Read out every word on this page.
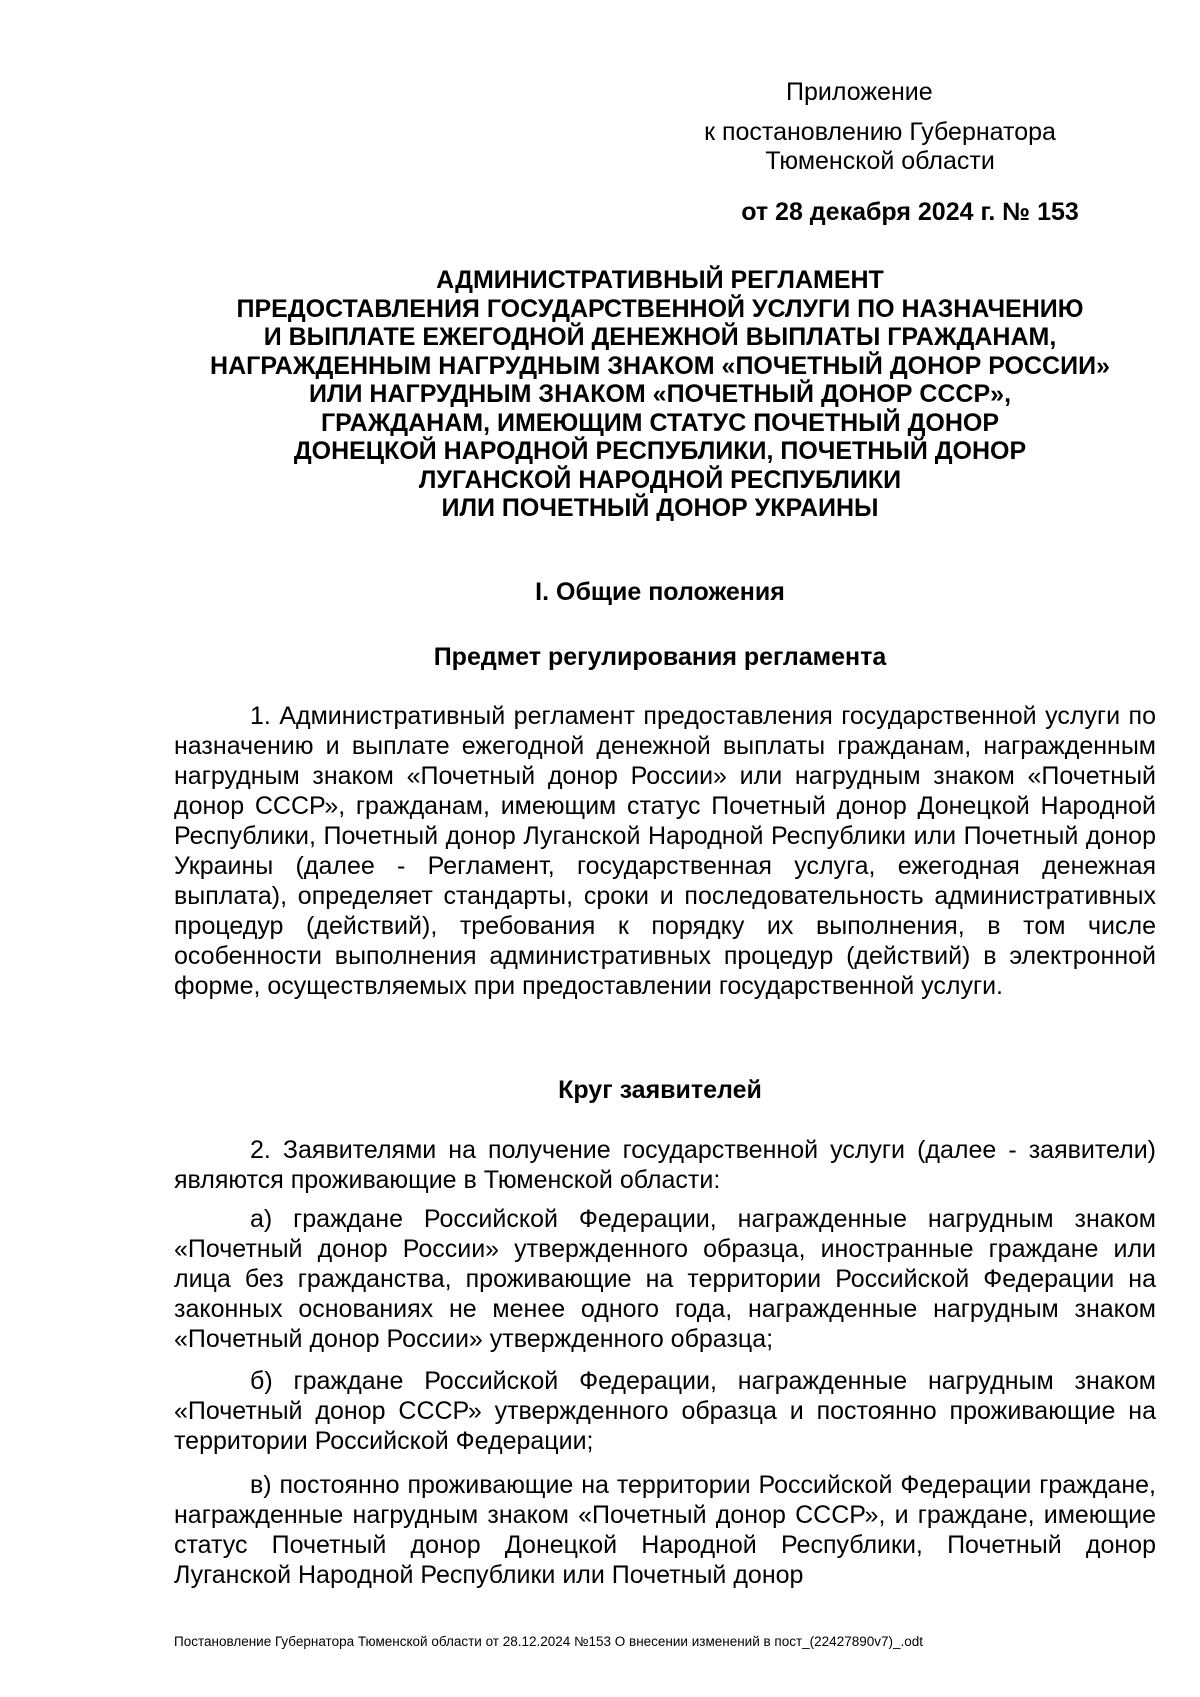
Приложение
к постановлению Губернатора Тюменской области
от 28 декабря 2024 г. № 153
АДМИНИСТРАТИВНЫЙ РЕГЛАМЕНТ
ПРЕДОСТАВЛЕНИЯ ГОСУДАРСТВЕННОЙ УСЛУГИ ПО НАЗНАЧЕНИЮ
И ВЫПЛАТЕ ЕЖЕГОДНОЙ ДЕНЕЖНОЙ ВЫПЛАТЫ ГРАЖДАНАМ,
НАГРАЖДЕННЫМ НАГРУДНЫМ ЗНАКОМ «ПОЧЕТНЫЙ ДОНОР РОССИИ»
ИЛИ НАГРУДНЫМ ЗНАКОМ «ПОЧЕТНЫЙ ДОНОР СССР»,
ГРАЖДАНАМ, ИМЕЮЩИМ СТАТУС ПОЧЕТНЫЙ ДОНОР
ДОНЕЦКОЙ НАРОДНОЙ РЕСПУБЛИКИ, ПОЧЕТНЫЙ ДОНОР
ЛУГАНСКОЙ НАРОДНОЙ РЕСПУБЛИКИ
ИЛИ ПОЧЕТНЫЙ ДОНОР УКРАИНЫ
I. Общие положения
Предмет регулирования регламента
1. Административный регламент предоставления государственной услуги по назначению и выплате ежегодной денежной выплаты гражданам, награжденным нагрудным знаком «Почетный донор России» или нагрудным знаком «Почетный донор СССР», гражданам, имеющим статус Почетный донор Донецкой Народной Республики, Почетный донор Луганской Народной Республики или Почетный донор Украины (далее - Регламент, государственная услуга, ежегодная денежная выплата), определяет стандарты, сроки и последовательность административных процедур (действий), требования к порядку их выполнения, в том числе особенности выполнения административных процедур (действий) в электронной форме, осуществляемых при предоставлении государственной услуги.
Круг заявителей
2. Заявителями на получение государственной услуги (далее - заявители) являются проживающие в Тюменской области:
а) граждане Российской Федерации, награжденные нагрудным знаком «Почетный донор России» утвержденного образца, иностранные граждане или лица без гражданства, проживающие на территории Российской Федерации на законных основаниях не менее одного года, награжденные нагрудным знаком «Почетный донор России» утвержденного образца;
б) граждане Российской Федерации, награжденные нагрудным знаком «Почетный донор СССР» утвержденного образца и постоянно проживающие на территории Российской Федерации;
в) постоянно проживающие на территории Российской Федерации граждане, награжденные нагрудным знаком «Почетный донор СССР», и граждане, имеющие статус Почетный донор Донецкой Народной Республики, Почетный донор Луганской Народной Республики или Почетный донор
Постановление Губернатора Тюменской области от 28.12.2024 №153 О внесении изменений в пост_(22427890v7)_.odt
